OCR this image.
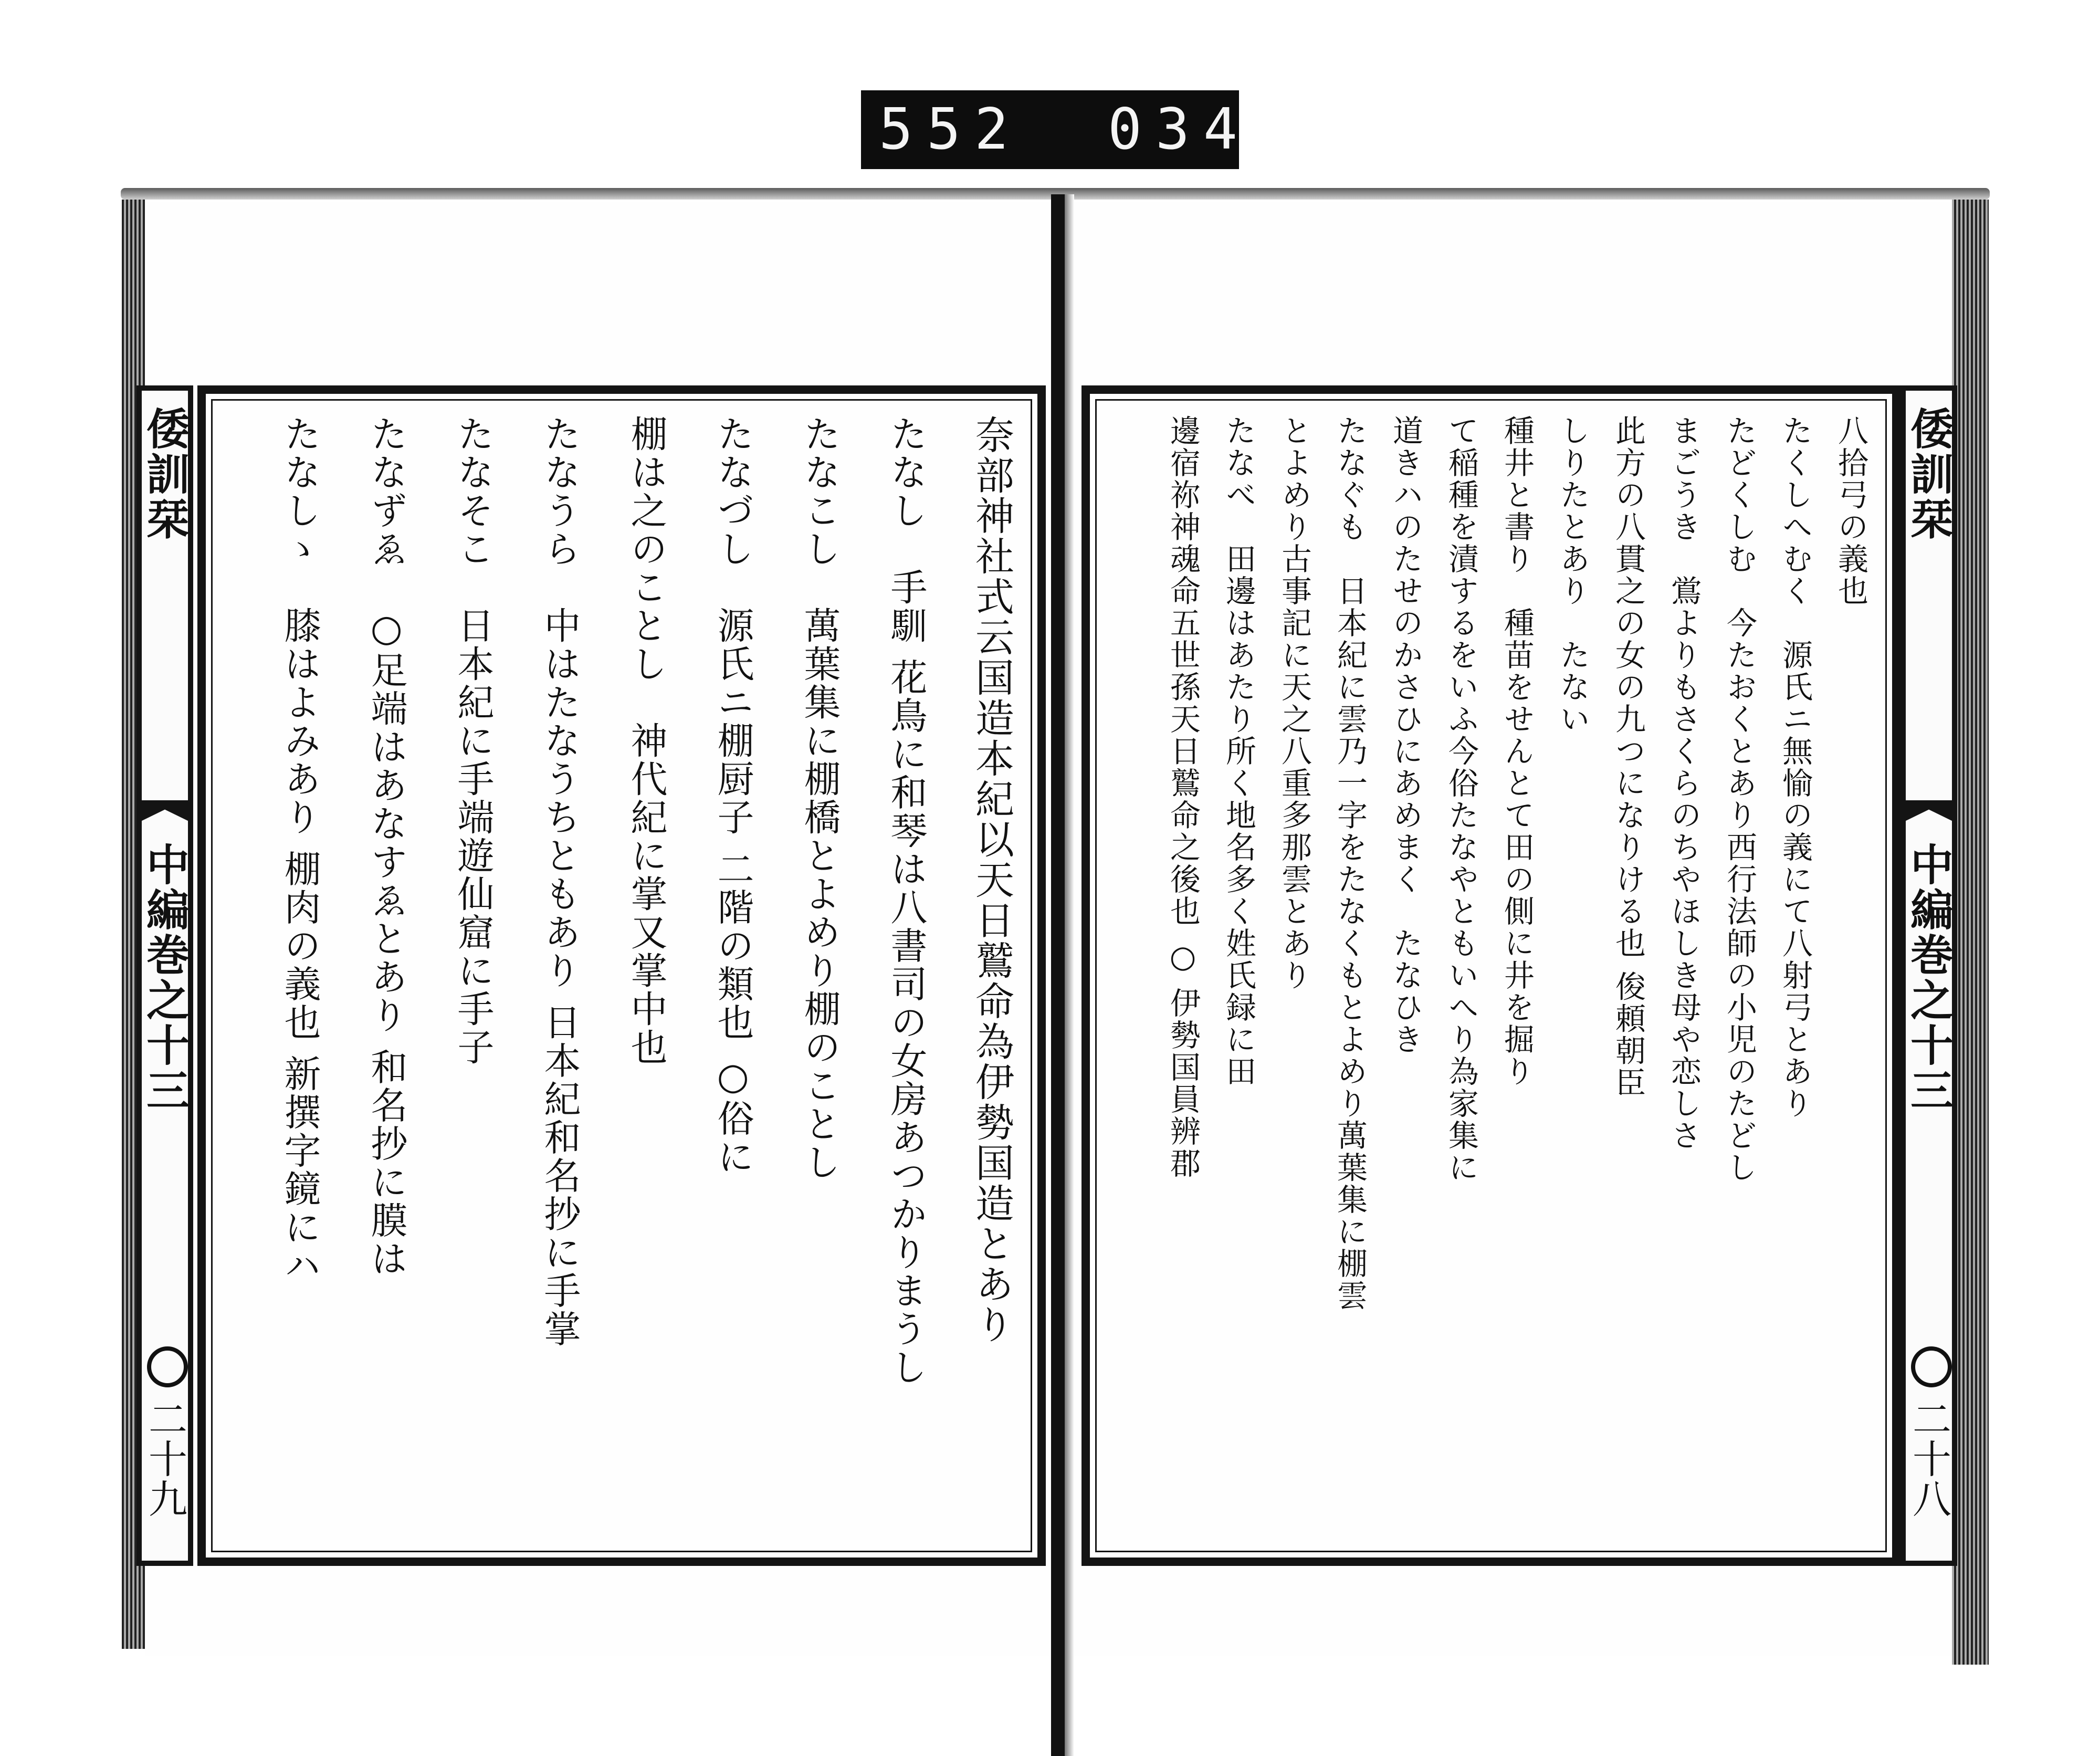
552 034
倭訓栞
中編巻之十三
二十九
奈部神社式云国造本紀以天日鷲命為伊勢国造とあり
たなし　手馴 花鳥に和琴は八書司の女房あつかりまうし
たなこし　萬葉集に棚橋とよめり棚のことし
たなづし　源氏ニ棚厨子 二階の類也 ○俗に
棚は之のことし　神代紀に掌又掌中也
たなうら　中はたなうちともあり 日本紀和名抄に手掌
たなそこ　日本紀に手端遊仙窟に手子
たなずゑ　○足端はあなすゑとあり 和名抄に膜は
たなしゝ　膝はよみあり 棚肉の義也 新撰字鏡にハ	八拾弓の義也
たくしへむく　源氏ニ無愉の義にて八射弓とあり
たどくしむ　今たおくとあり西行法師の小児のたどし
まごうき　鴬よりもさくらのちやほしき母や恋しさ
此方の八貫之の女の九つになりける也 俊頼朝臣
しりたとあり　たない
種井と書り　種苗をせんとて田の側に井を掘り
て稲種を漬するをいふ今俗たなやともいへり為家集に
道きハのたせのかさひにあめまく　たなひき
たなぐも　日本紀に雲乃一字をたなくもとよめり萬葉集に棚雲
とよめり古事記に天之八重多那雲とあり
たなべ　田邊はあたり所く地名多く姓氏録に田
邊宿祢神魂命五世孫天日鷲命之後也 ○ 伊勢国員辨郡	倭訓栞
中編巻之十三
二十八
